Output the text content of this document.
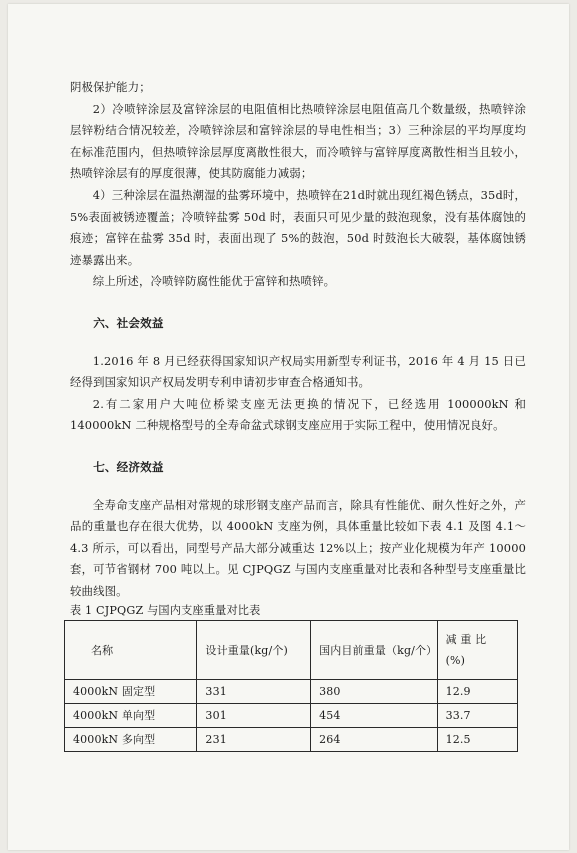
阴极保护能力；

2）冷喷锌涂层及富锌涂层的电阻值相比热喷锌涂层电阻值高几个数量级，热喷锌涂层锌粉结合情况较差，冷喷锌涂层和富锌涂层的导电性相当；3）三种涂层的平均厚度均在标准范围内，但热喷锌涂层厚度离散性很大，而冷喷锌与富锌厚度离散性相当且较小，热喷锌涂层有的厚度很薄，使其防腐能力减弱；

4）三种涂层在温热潮湿的盐雾环境中，热喷锌在21d时就出现红褐色锈点，35d时，5%表面被锈迹覆盖；冷喷锌盐雾 50d 时，表面只可见少量的鼓泡现象，没有基体腐蚀的痕迹；富锌在盐雾 35d 时，表面出现了 5%的鼓泡，50d 时鼓泡长大破裂，基体腐蚀锈迹暴露出来。

综上所述，冷喷锌防腐性能优于富锌和热喷锌。

六、社会效益

1.2016 年 8 月已经获得国家知识产权局实用新型专利证书，2016 年 4 月 15 日已经得到国家知识产权局发明专利申请初步审查合格通知书。

2.有二家用户大吨位桥梁支座无法更换的情况下，已经选用 100000kN 和 140000kN 二种规格型号的全寿命盆式球钢支座应用于实际工程中，使用情况良好。

七、经济效益

全寿命支座产品相对常规的球形钢支座产品而言，除具有性能优、耐久性好之外，产品的重量也存在很大优势，以 4000kN 支座为例，具体重量比较如下表 4.1 及图 4.1～4.3 所示，可以看出，同型号产品大部分减重达 12%以上；按产业化规模为年产 10000 套，可节省钢材 700 吨以上。见 CJPQGZ 与国内支座重量对比表和各种型号支座重量比较曲线图。

表 1 CJPQGZ 与国内支座重量对比表

名称	设计重量(kg/个)	国内目前重量（kg/个）	减 重 比
(%)

4000kN 固定型	331	380	12.9
4000kN 单向型	301	454	33.7
4000kN 多向型	231	264	12.5
